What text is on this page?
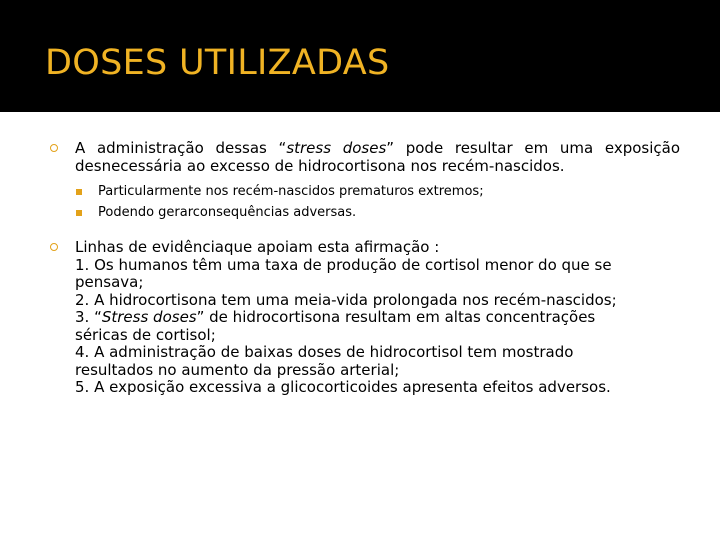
DOSES UTILIZADAS

A administração dessas “stress doses” pode resultar em uma exposição desnecessária ao excesso de hidrocortisona nos recém-nascidos.

Particularmente nos recém-nascidos prematuros extremos;
Podendo gerarconsequências adversas.
Linhas de evidênciaque apoiam esta afirmação :
1. Os humanos têm uma taxa de produção de cortisol menor do que se
pensava;
2. A hidrocortisona tem uma meia-vida prolongada nos recém-nascidos;
3. “Stress doses” de hidrocortisona resultam em altas concentrações
séricas de cortisol;
4. A administração de baixas doses de hidrocortisol tem mostrado
resultados no aumento da pressão arterial;
5. A exposição excessiva a glicocorticoides apresenta efeitos adversos.
